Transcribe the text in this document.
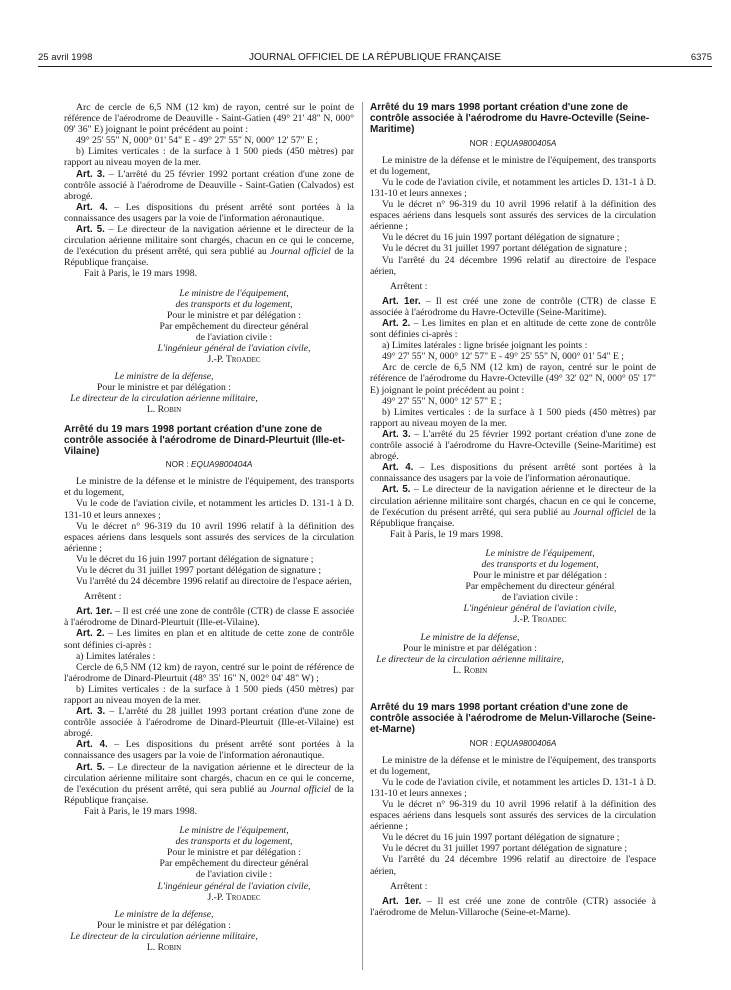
25 avril 1998	JOURNAL OFFICIEL DE LA RÉPUBLIQUE FRANÇAISE	6375

Arc de cercle de 6,5 NM (12 km) de rayon, centré sur le point de référence de l'aérodrome de Deauville - Saint-Gatien (49° 21' 48" N, 000° 09' 36" E) joignant le point précédent au point :

49° 25' 55" N, 000° 01' 54" E - 49° 27' 55" N, 000° 12' 57" E ;

b) Limites verticales : de la surface à 1 500 pieds (450 mètres) par rapport au niveau moyen de la mer.

Art. 3. – L'arrêté du 25 février 1992 portant création d'une zone de contrôle associé à l'aérodrome de Deauville - Saint-Gatien (Calvados) est abrogé.

Art. 4. – Les dispositions du présent arrêté sont portées à la connaissance des usagers par la voie de l'information aéronautique.

Art. 5. – Le directeur de la navigation aérienne et le directeur de la circulation aérienne militaire sont chargés, chacun en ce qui le concerne, de l'exécution du présent arrêté, qui sera publié au Journal officiel de la République française.

Fait à Paris, le 19 mars 1998.

Le ministre de l'équipement,

des transports et du logement,

Pour le ministre et par délégation :

Par empêchement du directeur général

de l'aviation civile :

L'ingénieur général de l'aviation civile,

J.-P. Troadec

Le ministre de la défense,

Pour le ministre et par délégation :

Le directeur de la circulation aérienne militaire,

L. Robin

Arrêté du 19 mars 1998 portant création d'une zone de contrôle associée à l'aérodrome de Dinard-Pleurtuit (Ille-et-Vilaine)

NOR : EQUA9800404A

Le ministre de la défense et le ministre de l'équipement, des transports et du logement,

Vu le code de l'aviation civile, et notamment les articles D. 131-1 à D. 131-10 et leurs annexes ;

Vu le décret n° 96-319 du 10 avril 1996 relatif à la définition des espaces aériens dans lesquels sont assurés des services de la circulation aérienne ;

Vu le décret du 16 juin 1997 portant délégation de signature ;

Vu le décret du 31 juillet 1997 portant délégation de signature ;

Vu l'arrêté du 24 décembre 1996 relatif au directoire de l'espace aérien,

Arrêtent :

Art. 1er. – Il est créé une zone de contrôle (CTR) de classe E associée à l'aérodrome de Dinard-Pleurtuit (Ille-et-Vilaine).

Art. 2. – Les limites en plan et en altitude de cette zone de contrôle sont définies ci-après :

a) Limites latérales :

Cercle de 6,5 NM (12 km) de rayon, centré sur le point de référence de l'aérodrome de Dinard-Pleurtuit (48° 35' 16" N, 002° 04' 48" W) ;

b) Limites verticales : de la surface à 1 500 pieds (450 mètres) par rapport au niveau moyen de la mer.

Art. 3. – L'arrêté du 28 juillet 1993 portant création d'une zone de contrôle associée à l'aérodrome de Dinard-Pleurtuit (Ille-et-Vilaine) est abrogé.

Art. 4. – Les dispositions du présent arrêté sont portées à la connaissance des usagers par la voie de l'information aéronautique.

Art. 5. – Le directeur de la navigation aérienne et le directeur de la circulation aérienne militaire sont chargés, chacun en ce qui le concerne, de l'exécution du présent arrêté, qui sera publié au Journal officiel de la République française.

Fait à Paris, le 19 mars 1998.

Le ministre de l'équipement,

des transports et du logement,

Pour le ministre et par délégation :

Par empêchement du directeur général

de l'aviation civile :

L'ingénieur général de l'aviation civile,

J.-P. Troadec

Le ministre de la défense,

Pour le ministre et par délégation :

Le directeur de la circulation aérienne militaire,

L. Robin

Arrêté du 19 mars 1998 portant création d'une zone de contrôle associée à l'aérodrome du Havre-Octeville (Seine-Maritime)

NOR : EQUA9800405A

Le ministre de la défense et le ministre de l'équipement, des transports et du logement,

Vu le code de l'aviation civile, et notamment les articles D. 131-1 à D. 131-10 et leurs annexes ;

Vu le décret n° 96-319 du 10 avril 1996 relatif à la définition des espaces aériens dans lesquels sont assurés des services de la circulation aérienne ;

Vu le décret du 16 juin 1997 portant délégation de signature ;

Vu le décret du 31 juillet 1997 portant délégation de signature ;

Vu l'arrêté du 24 décembre 1996 relatif au directoire de l'espace aérien,

Arrêtent :

Art. 1er. – Il est créé une zone de contrôle (CTR) de classe E associée à l'aérodrome du Havre-Octeville (Seine-Maritime).

Art. 2. – Les limites en plan et en altitude de cette zone de contrôle sont définies ci-après :

a) Limites latérales : ligne brisée joignant les points :

49° 27' 55" N, 000° 12' 57" E - 49° 25' 55" N, 000° 01' 54" E ;

Arc de cercle de 6,5 NM (12 km) de rayon, centré sur le point de référence de l'aérodrome du Havre-Octeville (49° 32' 02" N, 000° 05' 17" E) joignant le point précédent au point :

49° 27' 55" N, 000° 12' 57" E ;

b) Limites verticales : de la surface à 1 500 pieds (450 mètres) par rapport au niveau moyen de la mer.

Art. 3. – L'arrêté du 25 février 1992 portant création d'une zone de contrôle associé à l'aérodrome du Havre-Octeville (Seine-Maritime) est abrogé.

Art. 4. – Les dispositions du présent arrêté sont portées à la connaissance des usagers par la voie de l'information aéronautique.

Art. 5. – Le directeur de la navigation aérienne et le directeur de la circulation aérienne militaire sont chargés, chacun en ce qui le concerne, de l'exécution du présent arrêté, qui sera publié au Journal officiel de la République française.

Fait à Paris, le 19 mars 1998.

Le ministre de l'équipement,

des transports et du logement,

Pour le ministre et par délégation :

Par empêchement du directeur général

de l'aviation civile :

L'ingénieur général de l'aviation civile,

J.-P. Troadec

Le ministre de la défense,

Pour le ministre et par délégation :

Le directeur de la circulation aérienne militaire,

L. Robin

Arrêté du 19 mars 1998 portant création d'une zone de contrôle associée à l'aérodrome de Melun-Villaroche (Seine-et-Marne)

NOR : EQUA9800406A

Le ministre de la défense et le ministre de l'équipement, des transports et du logement,

Vu le code de l'aviation civile, et notamment les articles D. 131-1 à D. 131-10 et leurs annexes ;

Vu le décret n° 96-319 du 10 avril 1996 relatif à la définition des espaces aériens dans lesquels sont assurés des services de la circulation aérienne ;

Vu le décret du 16 juin 1997 portant délégation de signature ;

Vu le décret du 31 juillet 1997 portant délégation de signature ;

Vu l'arrêté du 24 décembre 1996 relatif au directoire de l'espace aérien,

Arrêtent :

Art. 1er. – Il est créé une zone de contrôle (CTR) associée à l'aérodrome de Melun-Villaroche (Seine-et-Marne).
